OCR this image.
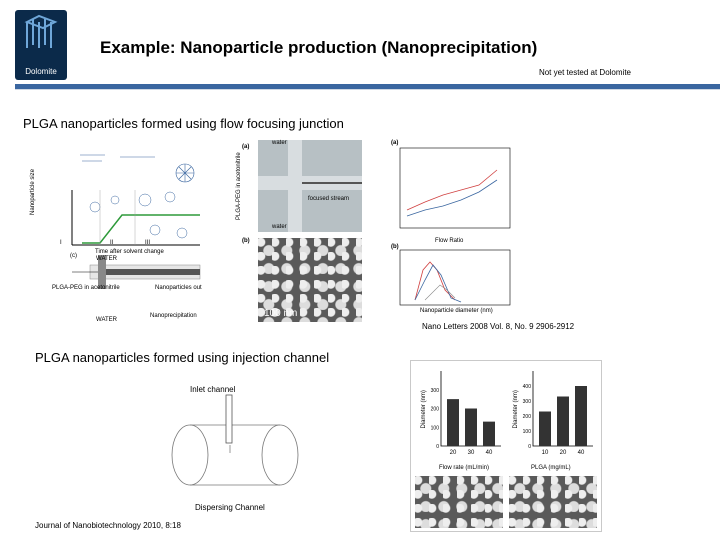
Dolomite
Example: Nanoparticle production (Nanoprecipitation)
Not yet tested at Dolomite
PLGA nanoparticles formed using flow focusing junction
I	II	III
Time after solvent change
Nanoparticle size
PLGA-PEG in acetonitrile	Nanoparticles out
Nanoprecipitation
(c)	WATER
WATER
(a)
PLGA-PEG in acetonitrile
water
water
focused stream
(b)
100 nm
(a)
Flow Ratio
(b)
Nanoparticle diameter (nm)
Nano Letters 2008 Vol. 8, No. 9 2906-2912
PLGA nanoparticles formed using injection channel
Inlet channel
Dispersing Channel
Journal of Nanobiotechnology 2010, 8:18
20 30 40
0
100
200
300
Diameter (nm)
10 20 40
0
100
200
300
400
Diameter (nm)
Flow rate (mL/min)	PLGA (mg/mL)
